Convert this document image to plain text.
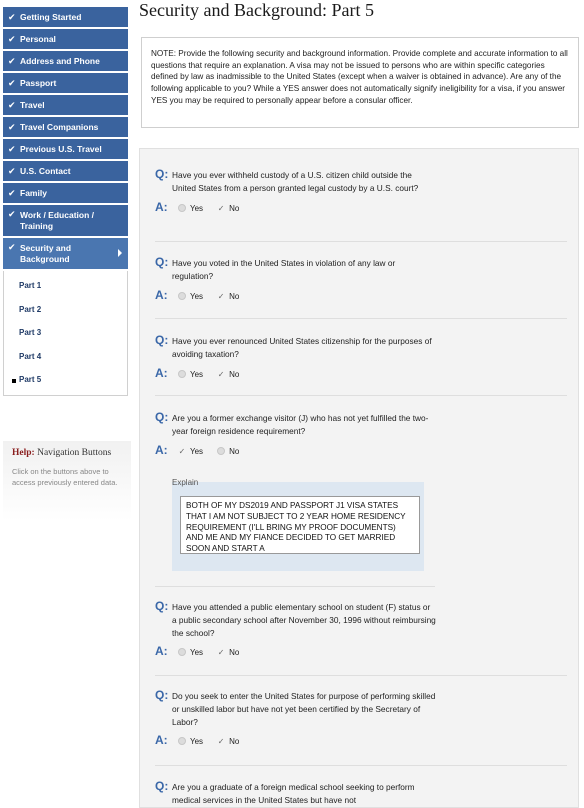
✔ Getting Started
✔ Personal
✔ Address and Phone
✔ Passport
✔ Travel
✔ Travel Companions
✔ Previous U.S. Travel
✔ U.S. Contact
✔ Family
✔ Work / Education / Training
✔ Security and Background
Part 1
Part 2
Part 3
Part 4
Part 5
Help: Navigation Buttons
Click on the buttons above to access previously entered data.
Security and Background: Part 5
NOTE: Provide the following security and background information. Provide complete and accurate information to all questions that require an explanation. A visa may not be issued to persons who are within specific categories defined by law as inadmissible to the United States (except when a waiver is obtained in advance). Are any of the following applicable to you? While a YES answer does not automatically signify ineligibility for a visa, if you answer YES you may be required to personally appear before a consular officer.
Q: Have you ever withheld custody of a U.S. citizen child outside the United States from a person granted legal custody by a U.S. court?
A:	Yes ✓ No
Q: Have you voted in the United States in violation of any law or regulation?
A:	Yes ✓ No
Q: Have you ever renounced United States citizenship for the purposes of avoiding taxation?
A:	Yes ✓ No
Q: Are you a former exchange visitor (J) who has not yet fulfilled the two-year foreign residence requirement?
A: ✓ Yes	No
BOTH OF MY DS2019 AND PASSPORT J1 VISA STATES THAT I AM NOT SUBJECT TO 2 YEAR HOME RESIDENCY REQUIREMENT (I'LL BRING MY PROOF DOCUMENTS) AND ME AND MY FIANCE DECIDED TO GET MARRIED SOON AND START A
Explain
Q: Have you attended a public elementary school on student (F) status or a public secondary school after November 30, 1996 without reimbursing the school?
A:	Yes ✓ No
Q: Do you seek to enter the United States for purpose of performing skilled or unskilled labor but have not yet been certified by the Secretary of Labor?
A:	Yes ✓ No
Q: Are you a graduate of a foreign medical school seeking to perform medical services in the United States but have not
